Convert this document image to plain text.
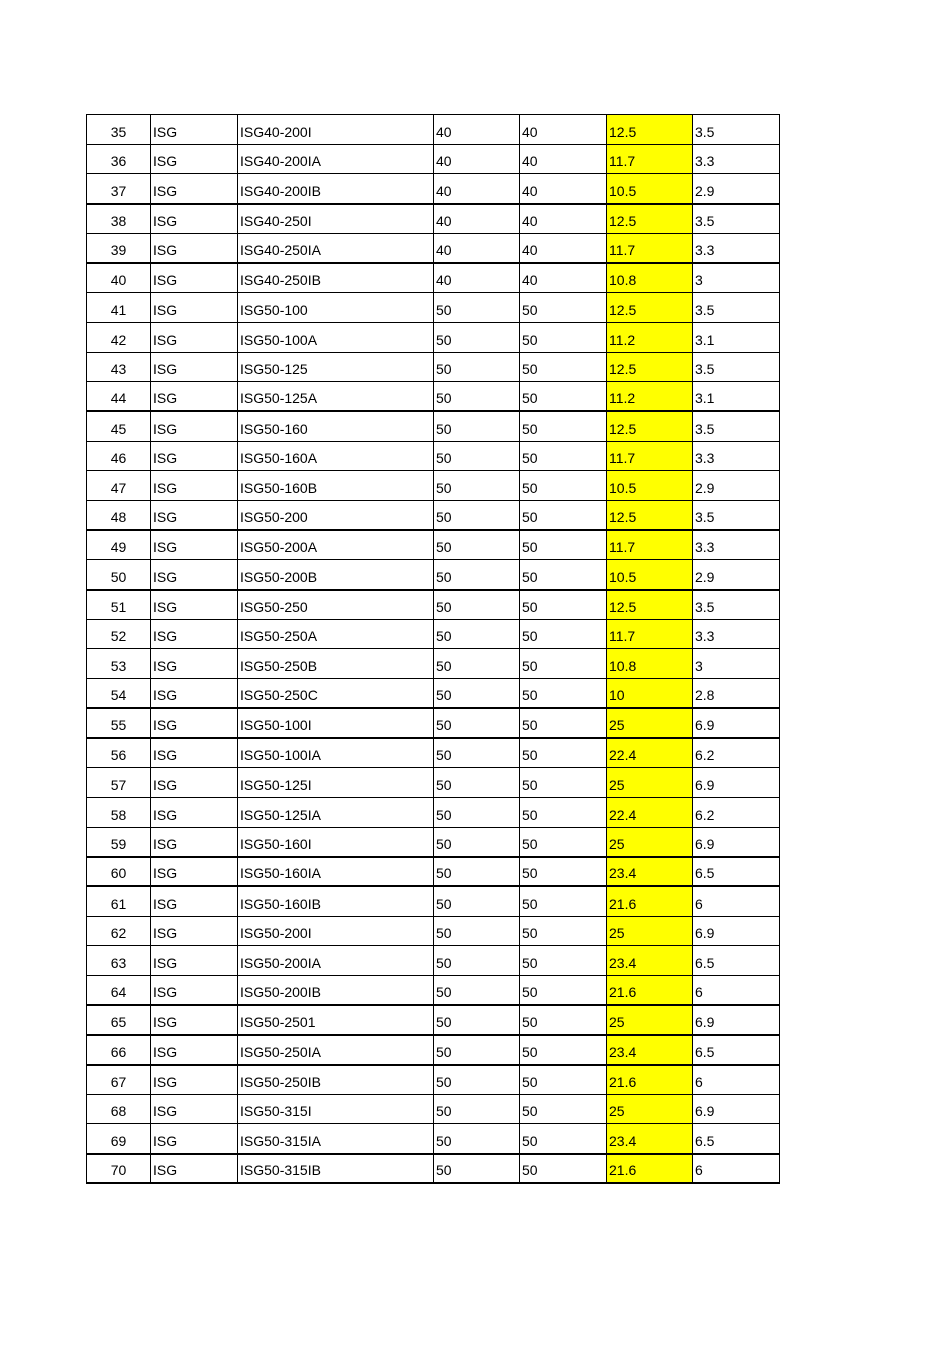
35	ISG	ISG40-200I	40	40	12.5	3.5
36	ISG	ISG40-200IA	40	40	11.7	3.3
37	ISG	ISG40-200IB	40	40	10.5	2.9
38	ISG	ISG40-250I	40	40	12.5	3.5
39	ISG	ISG40-250IA	40	40	11.7	3.3
40	ISG	ISG40-250IB	40	40	10.8	3
41	ISG	ISG50-100	50	50	12.5	3.5
42	ISG	ISG50-100A	50	50	11.2	3.1
43	ISG	ISG50-125	50	50	12.5	3.5
44	ISG	ISG50-125A	50	50	11.2	3.1
45	ISG	ISG50-160	50	50	12.5	3.5
46	ISG	ISG50-160A	50	50	11.7	3.3
47	ISG	ISG50-160B	50	50	10.5	2.9
48	ISG	ISG50-200	50	50	12.5	3.5
49	ISG	ISG50-200A	50	50	11.7	3.3
50	ISG	ISG50-200B	50	50	10.5	2.9
51	ISG	ISG50-250	50	50	12.5	3.5
52	ISG	ISG50-250A	50	50	11.7	3.3
53	ISG	ISG50-250B	50	50	10.8	3
54	ISG	ISG50-250C	50	50	10	2.8
55	ISG	ISG50-100I	50	50	25	6.9
56	ISG	ISG50-100IA	50	50	22.4	6.2
57	ISG	ISG50-125I	50	50	25	6.9
58	ISG	ISG50-125IA	50	50	22.4	6.2
59	ISG	ISG50-160I	50	50	25	6.9
60	ISG	ISG50-160IA	50	50	23.4	6.5
61	ISG	ISG50-160IB	50	50	21.6	6
62	ISG	ISG50-200I	50	50	25	6.9
63	ISG	ISG50-200IA	50	50	23.4	6.5
64	ISG	ISG50-200IB	50	50	21.6	6
65	ISG	ISG50-2501	50	50	25	6.9
66	ISG	ISG50-250IA	50	50	23.4	6.5
67	ISG	ISG50-250IB	50	50	21.6	6
68	ISG	ISG50-315I	50	50	25	6.9
69	ISG	ISG50-315IA	50	50	23.4	6.5
70	ISG	ISG50-315IB	50	50	21.6	6
